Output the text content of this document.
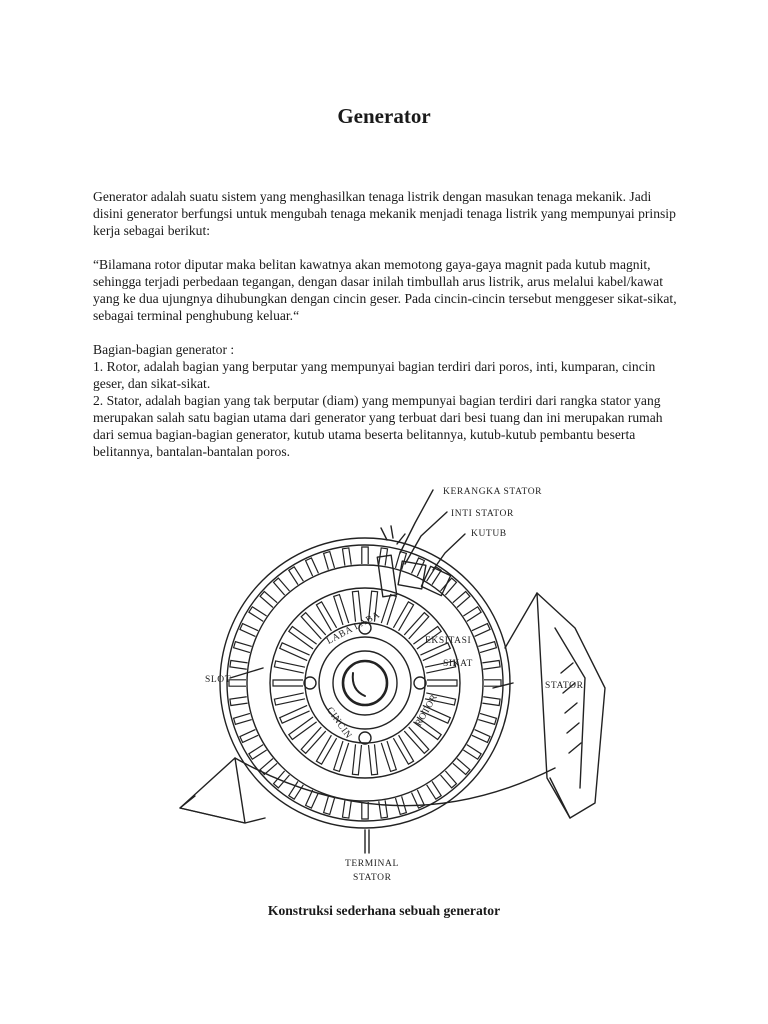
Generator

Generator adalah suatu sistem yang menghasilkan tenaga listrik dengan masukan tenaga mekanik. Jadi disini generator berfungsi untuk mengubah tenaga mekanik menjadi tenaga listrik yang mempunyai prinsip kerja sebagai berikut:

“Bilamana rotor diputar maka belitan kawatnya akan memotong gaya-gaya magnit pada kutub magnit, sehingga terjadi perbedaan tegangan, dengan dasar inilah timbullah arus listrik, arus melalui kabel/kawat yang ke dua ujungnya dihubungkan dengan cincin geser. Pada cincin-cincin tersebut menggeser sikat-sikat, sebagai terminal penghubung keluar.“

Bagian-bagian generator :

1. Rotor, adalah bagian yang berputar yang mempunyai bagian terdiri dari poros, inti, kumparan, cincin geser, dan sikat-sikat.

2. Stator, adalah bagian yang tak berputar (diam) yang mempunyai bagian terdiri dari rangka stator yang merupakan salah satu bagian utama dari generator yang terbuat dari besi tuang dan ini merupakan rumah dari semua bagian-bagian generator, kutub utama beserta belitannya, kutub-kutub pembantu beserta belitannya, bantalan-bantalan poros.

KERANGKA STATOR
INTI STATOR
KUTUB
SLOT
STATOR
LABA LABA	EKSITASI
SIKAT
CINCIN	ROTOR
TERMINAL
STATOR

Konstruksi sederhana sebuah generator
